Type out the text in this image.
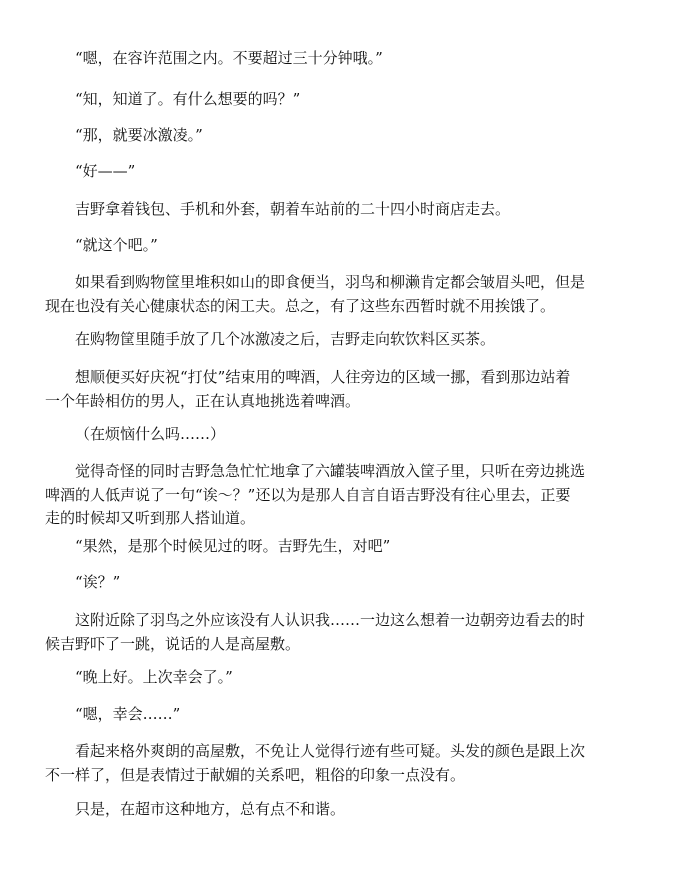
“嗯，在容许范围之内。不要超过三十分钟哦。”

“知，知道了。有什么想要的吗？”

“那，就要冰激凌。”

“好——”

吉野拿着钱包、手机和外套，朝着车站前的二十四小时商店走去。

“就这个吧。”

如果看到购物筐里堆积如山的即食便当，羽鸟和柳濑肯定都会皱眉头吧，但是
现在也没有关心健康状态的闲工夫。总之，有了这些东西暂时就不用挨饿了。

在购物筐里随手放了几个冰激凌之后，吉野走向软饮料区买茶。

想顺便买好庆祝“打仗”结束用的啤酒，人往旁边的区域一挪，看到那边站着
一个年龄相仿的男人，正在认真地挑选着啤酒。

（在烦恼什么吗……）

觉得奇怪的同时吉野急急忙忙地拿了六罐装啤酒放入筐子里，只听在旁边挑选
啤酒的人低声说了一句“诶～？”还以为是那人自言自语吉野没有往心里去，正要
走的时候却又听到那人搭讪道。

“果然，是那个时候见过的呀。吉野先生，对吧”

“诶？”

这附近除了羽鸟之外应该没有人认识我……一边这么想着一边朝旁边看去的时
候吉野吓了一跳，说话的人是高屋敷。

“晚上好。上次幸会了。”

“嗯，幸会……”

看起来格外爽朗的高屋敷，不免让人觉得行迹有些可疑。头发的颜色是跟上次
不一样了，但是表情过于献媚的关系吧，粗俗的印象一点没有。

只是，在超市这种地方，总有点不和谐。
